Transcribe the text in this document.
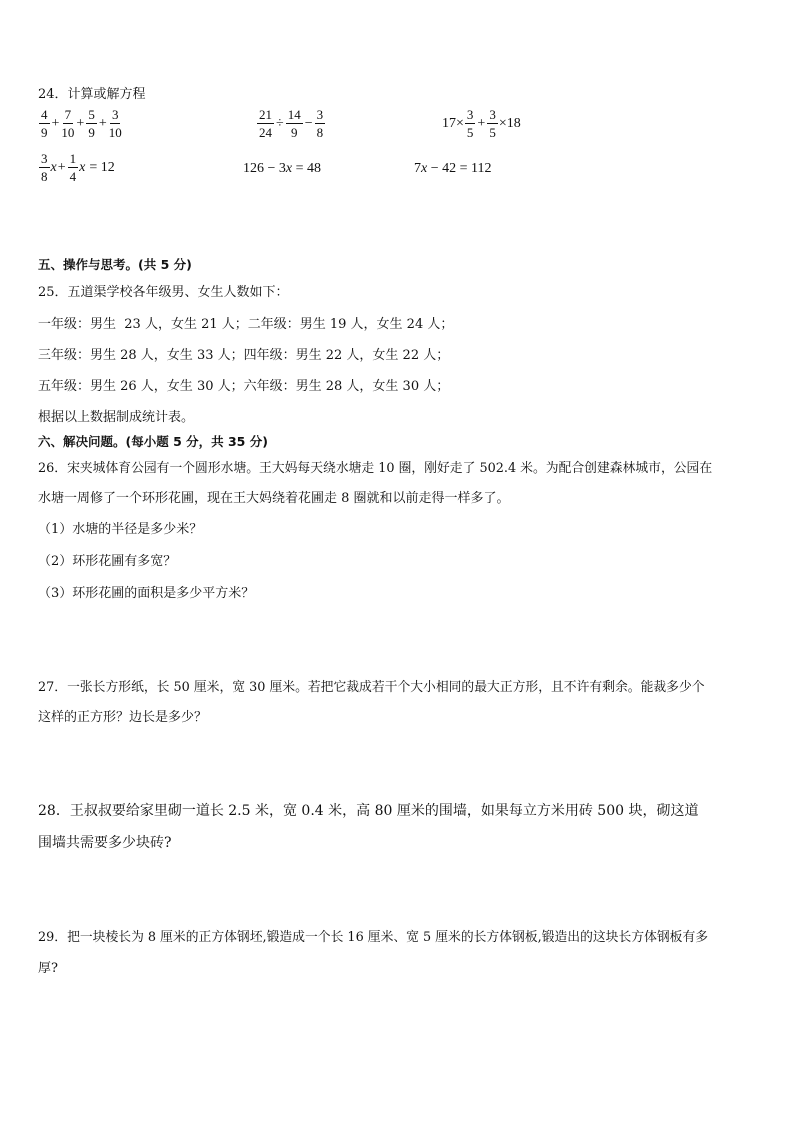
24．计算或解方程
$\frac{4}{9} + \frac{7}{10} + \frac{5}{9} + \frac{3}{10}$	$\frac{21}{24} \div \frac{14}{9} - \frac{3}{8}$	$17\times \frac{3}{5} + \frac{3}{5} \times 18$
$\frac{3}{8}$ $x + \frac{1}{4}$ x = 12	126 − 3 x = 48	7 x − 42 = 112
五、操作与思考。(共 5 分)
25．五道渠学校各年级男、女生人数如下：
一年级：男生  23 人，女生 21 人；二年级：男生 19 人，女生 24 人；
三年级：男生 28 人，女生 33 人；四年级：男生 22 人，女生 22 人；
五年级：男生 26 人，女生 30 人；六年级：男生 28 人，女生 30 人；
根据以上数据制成统计表。
六、解决问题。(每小题 5 分，共 35 分)
26．宋夹城体育公园有一个圆形水塘。王大妈每天绕水塘走 10 圈，刚好走了 502.4 米。为配合创建森林城市，公园在
水塘一周修了一个环形花圃，现在王大妈绕着花圃走 8 圈就和以前走得一样多了。
（1）水塘的半径是多少米？
（2）环形花圃有多宽？
（3）环形花圃的面积是多少平方米？
27．一张长方形纸，长 50 厘米，宽 30 厘米。若把它裁成若干个大小相同的最大正方形，且不许有剩余。能裁多少个
这样的正方形？边长是多少？
28．王叔叔要给家里砌一道长 2.5 米，宽 0.4 米，高 80 厘米的围墙，如果每立方米用砖 500 块，砌这道
围墙共需要多少块砖?
29．把一块棱长为 8 厘米的正方体钢坯,锻造成一个长 16 厘米、宽 5 厘米的长方体钢板,锻造出的这块长方体钢板有多
厚?
